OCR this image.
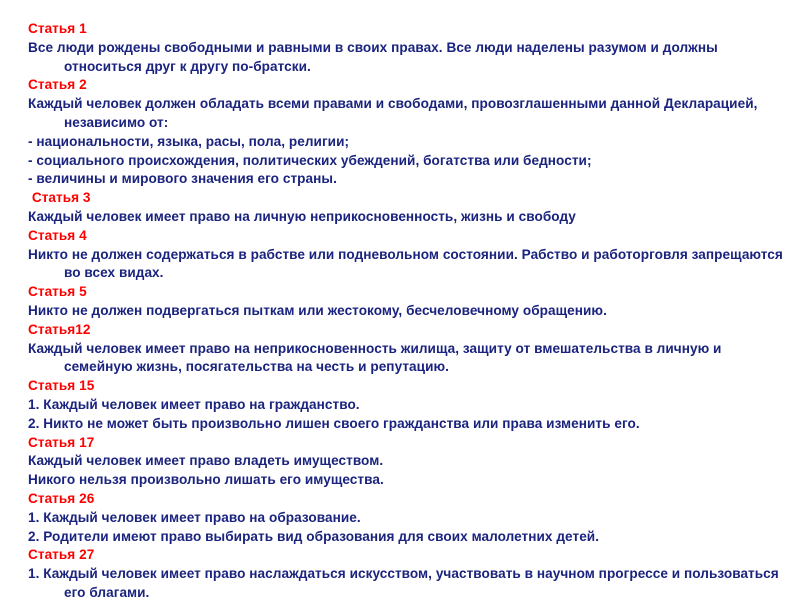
Статья 1
Все люди рождены свободными и равными в своих правах. Все люди наделены разумом и должны относиться друг к другу по-братски.
Статья 2
Каждый человек должен обладать всеми правами и свободами, провозглашенными данной Декларацией, независимо от:
- национальности, языка, расы, пола, религии;
- социального происхождения, политических убеждений, богатства или бедности;
- величины и мирового значения его страны.
Статья 3
Каждый человек имеет право на личную неприкосновенность, жизнь и свободу
Статья 4
Никто не должен содержаться в рабстве или подневольном состоянии. Рабство и работорговля запрещаются во всех видах.
Статья 5
Никто не должен подвергаться пыткам или жестокому, бесчеловечному обращению.
Статья12
Каждый человек имеет право на неприкосновенность жилища, защиту от вмешательства в личную и семейную жизнь, посягательства на честь и репутацию.
Статья 15
1. Каждый человек имеет право на гражданство.
2. Никто не может быть произвольно лишен своего гражданства или права изменить его.
Статья 17
Каждый человек имеет право владеть имуществом.
Никого нельзя произвольно лишать его имущества.
Статья 26
1. Каждый человек имеет право на образование.
2. Родители имеют право выбирать вид образования для своих малолетних детей.
Статья 27
1. Каждый человек имеет право наслаждаться искусством, участвовать в научном прогрессе и пользоваться его благами.
